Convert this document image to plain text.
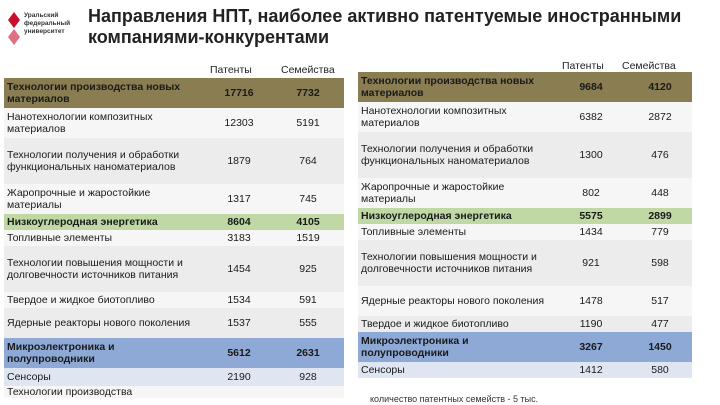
Уральский
федеральный
университет
Направления НПТ, наиболее активно патентуемые иностранными компаниями-конкурентами
Патенты	Семейства	Патенты Семейства
Технологии производства новых материалов	17716	7732
Нанотехнологии композитных материалов	12303	5191
Технологии получения и обработки функциональных наноматериалов	1879	764
Жаропрочные и жаростойкие материалы	1317	745
Низкоуглеродная энергетика	8604	4105
Топливные элементы	3183	1519
Технологии повышения мощности и долговечности источников питания	1454	925
Твердое и жидкое биотопливо	1534	591
Ядерные реакторы нового поколения	1537	555
Микроэлектроника и полупроводники	5612	2631
Сенсоры	2190	928
Технологии производства		
Технологии производства новых материалов	9684	4120
Нанотехнологии композитных материалов	6382	2872
Технологии получения и обработки функциональных наноматериалов	1300	476
Жаропрочные и жаростойкие материалы	802	448
Низкоуглеродная энергетика	5575	2899
Топливные элементы	1434	779
Технологии повышения мощности и долговечности источников питания	921	598
Ядерные реакторы нового поколения	1478	517
Твердое и жидкое биотопливо	1190	477
Микроэлектроника и полупроводники	3267	1450
Сенсоры	1412	580
количество патентных семейств - 5 тыс.
